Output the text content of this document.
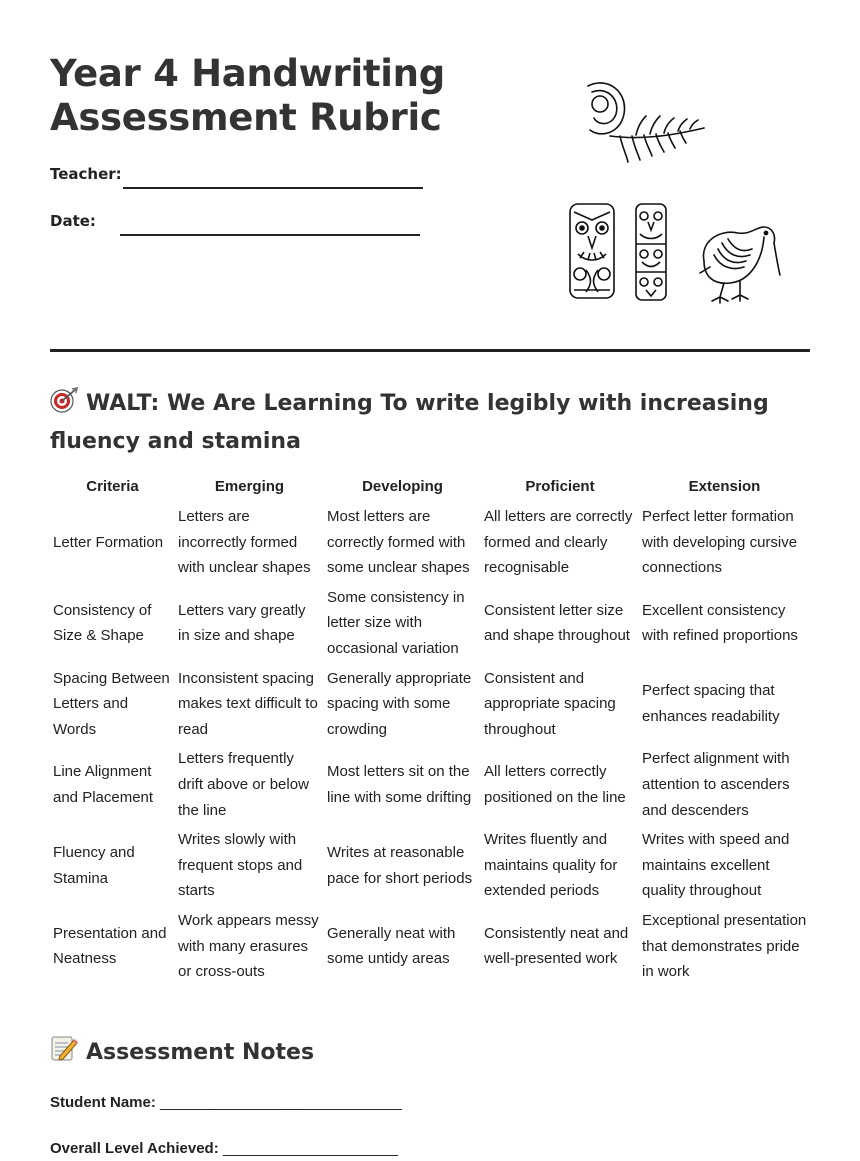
Year 4 Handwriting
Assessment Rubric
Teacher:
Date:
WALT: We Are Learning To write legibly with increasing fluency and stamina
Criteria	Emerging	Developing	Proficient	Extension
Letter Formation	Letters are incorrectly formed with unclear shapes	Most letters are correctly formed with some unclear shapes	All letters are correctly formed and clearly recognisable	Perfect letter formation with developing cursive connections
Consistency of Size & Shape	Letters vary greatly in size and shape	Some consistency in letter size with occasional variation	Consistent letter size and shape throughout	Excellent consistency with refined proportions
Spacing Between Letters and Words	Inconsistent spacing makes text difficult to read	Generally appropriate spacing with some crowding	Consistent and appropriate spacing throughout	Perfect spacing that enhances readability
Line Alignment and Placement	Letters frequently drift above or below the line	Most letters sit on the line with some drifting	All letters correctly positioned on the line	Perfect alignment with attention to ascenders and descenders
Fluency and Stamina	Writes slowly with frequent stops and starts	Writes at reasonable pace for short periods	Writes fluently and maintains quality for extended periods	Writes with speed and maintains excellent quality throughout
Presentation and Neatness	Work appears messy with many erasures or cross-outs	Generally neat with some untidy areas	Consistently neat and well-presented work	Exceptional presentation that demonstrates pride in work
Assessment Notes
Student Name: _____________________________
Overall Level Achieved: _____________________
